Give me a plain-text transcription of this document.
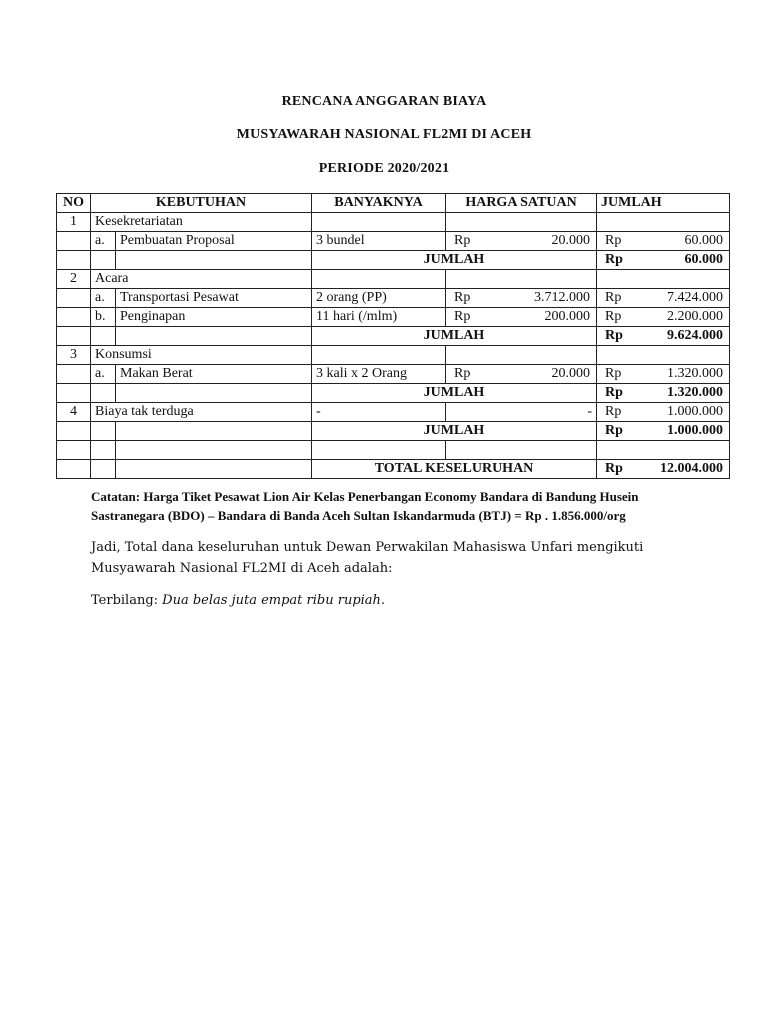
RENCANA ANGGARAN BIAYA
MUSYAWARAH NASIONAL FL2MI DI ACEH
PERIODE 2020/2021
NO	KEBUTUHAN		BANYAKNYA	HARGA SATUAN	JUMLAH
1	Kesekretariatan				
	a.	Pembuatan Proposal	3 bundel	Rp 20.000	Rp 60.000

			JUMLAH		Rp 60.000

2	Acara				
	a.	Transportasi Pesawat	2 orang (PP)	Rp 3.712.000	Rp 7.424.000

	b.	Penginapan	11 hari (/mlm)	Rp 200.000	Rp 2.200.000

			JUMLAH		Rp 9.624.000

3	Konsumsi				
	a.	Makan Berat	3 kali x 2 Orang	Rp 20.000	Rp 1.320.000

			JUMLAH		Rp 1.320.000

4	Biaya tak terduga		-	-	Rp 1.000.000

			JUMLAH		Rp 1.000.000

			TOTAL KESELURUHAN		Rp 12.004.000
Catatan: Harga Tiket Pesawat Lion Air Kelas Penerbangan Economy Bandara di Bandung Husein Sastranegara (BDO) – Bandara di Banda Aceh Sultan Iskandarmuda (BTJ) = Rp . 1.856.000/org
Jadi, Total dana keseluruhan untuk Dewan Perwakilan Mahasiswa Unfari mengikuti Musyawarah Nasional FL2MI di Aceh adalah:
Terbilang: Dua belas juta empat ribu rupiah.
